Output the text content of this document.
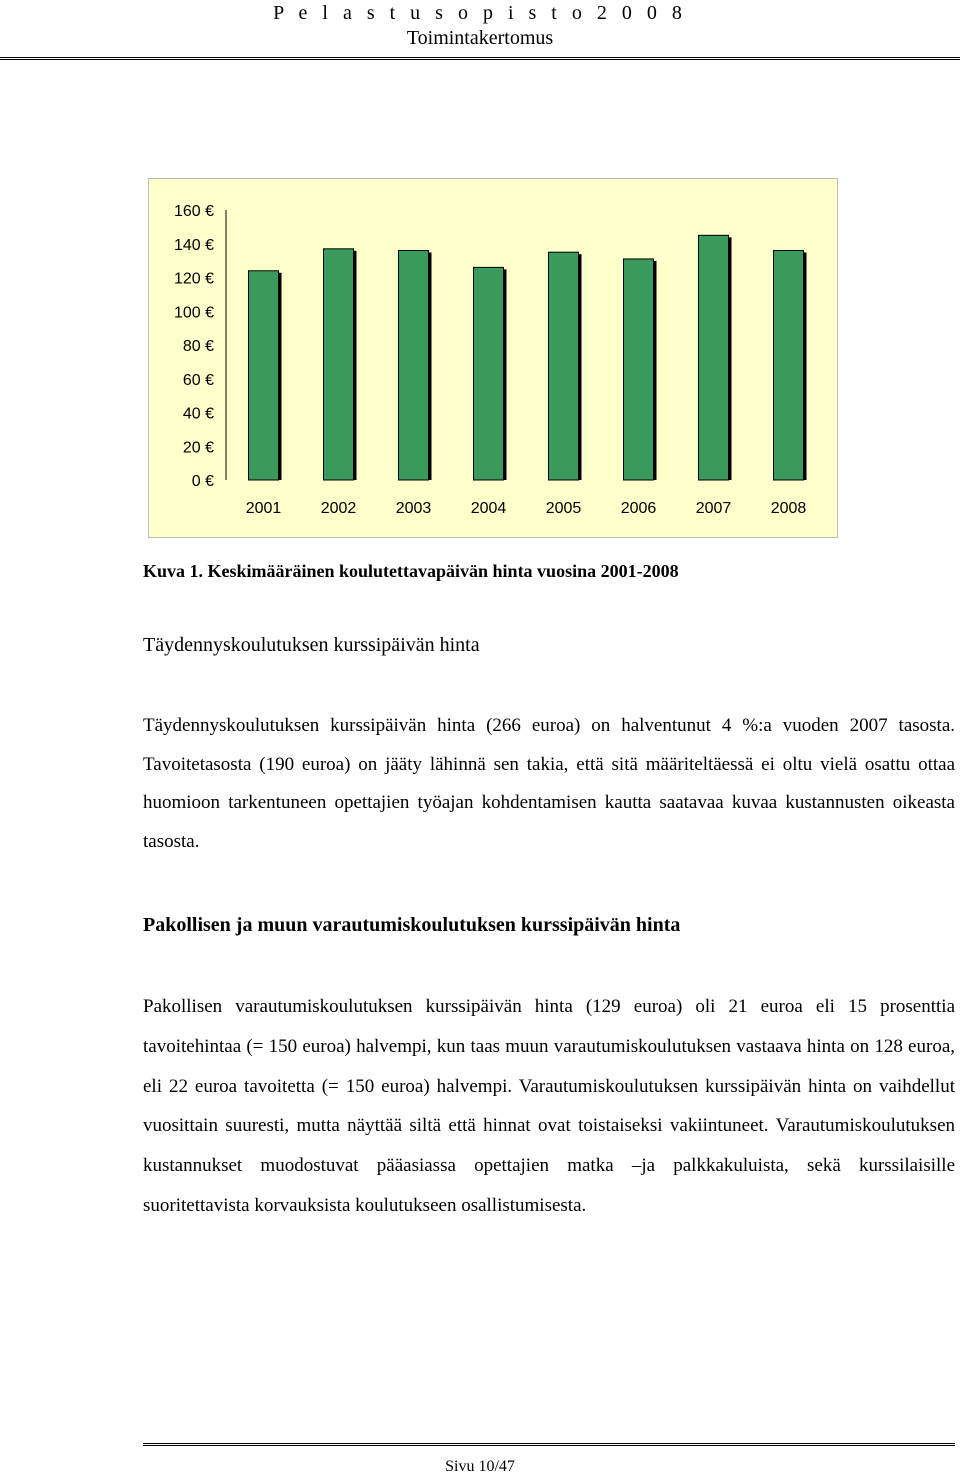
P e l a s t u s o p i s t o 2 0 0 8
Toimintakertomus
160 €
140 €
120 €
100 €
80 €
60 €
40 €
20 €
0 €
2001 2002 2003 2004 2005 2006 2007 2008
Kuva 1. Keskimääräinen koulutettavapäivän hinta vuosina 2001-2008
Täydennyskoulutuksen kurssipäivän hinta
Täydennyskoulutuksen kurssipäivän hinta (266 euroa) on halventunut 4 %:a vuoden 2007 tasosta. Tavoitetasosta (190 euroa) on jääty lähinnä sen takia, että sitä määriteltäessä ei oltu vielä osattu ottaa huomioon tarkentuneen opettajien työajan kohdentamisen kautta saatavaa kuvaa kustannusten oikeasta tasosta.
Pakollisen ja muun varautumiskoulutuksen kurssipäivän hinta
Pakollisen varautumiskoulutuksen kurssipäivän hinta (129 euroa) oli 21 euroa eli 15 prosenttia tavoitehintaa (= 150 euroa) halvempi, kun taas muun varautumiskoulutuksen vastaava hinta on 128 euroa, eli 22 euroa tavoitetta (= 150 euroa) halvempi. Varautumiskoulutuksen kurssipäivän hinta on vaihdellut vuosittain suuresti, mutta näyttää siltä että hinnat ovat toistaiseksi vakiintuneet. Varautumiskoulutuksen kustannukset muodostuvat pääasiassa opettajien matka –ja palkkakuluista, sekä kurssilaisille suoritettavista korvauksista koulutukseen osallistumisesta.
Sivu 10/47
